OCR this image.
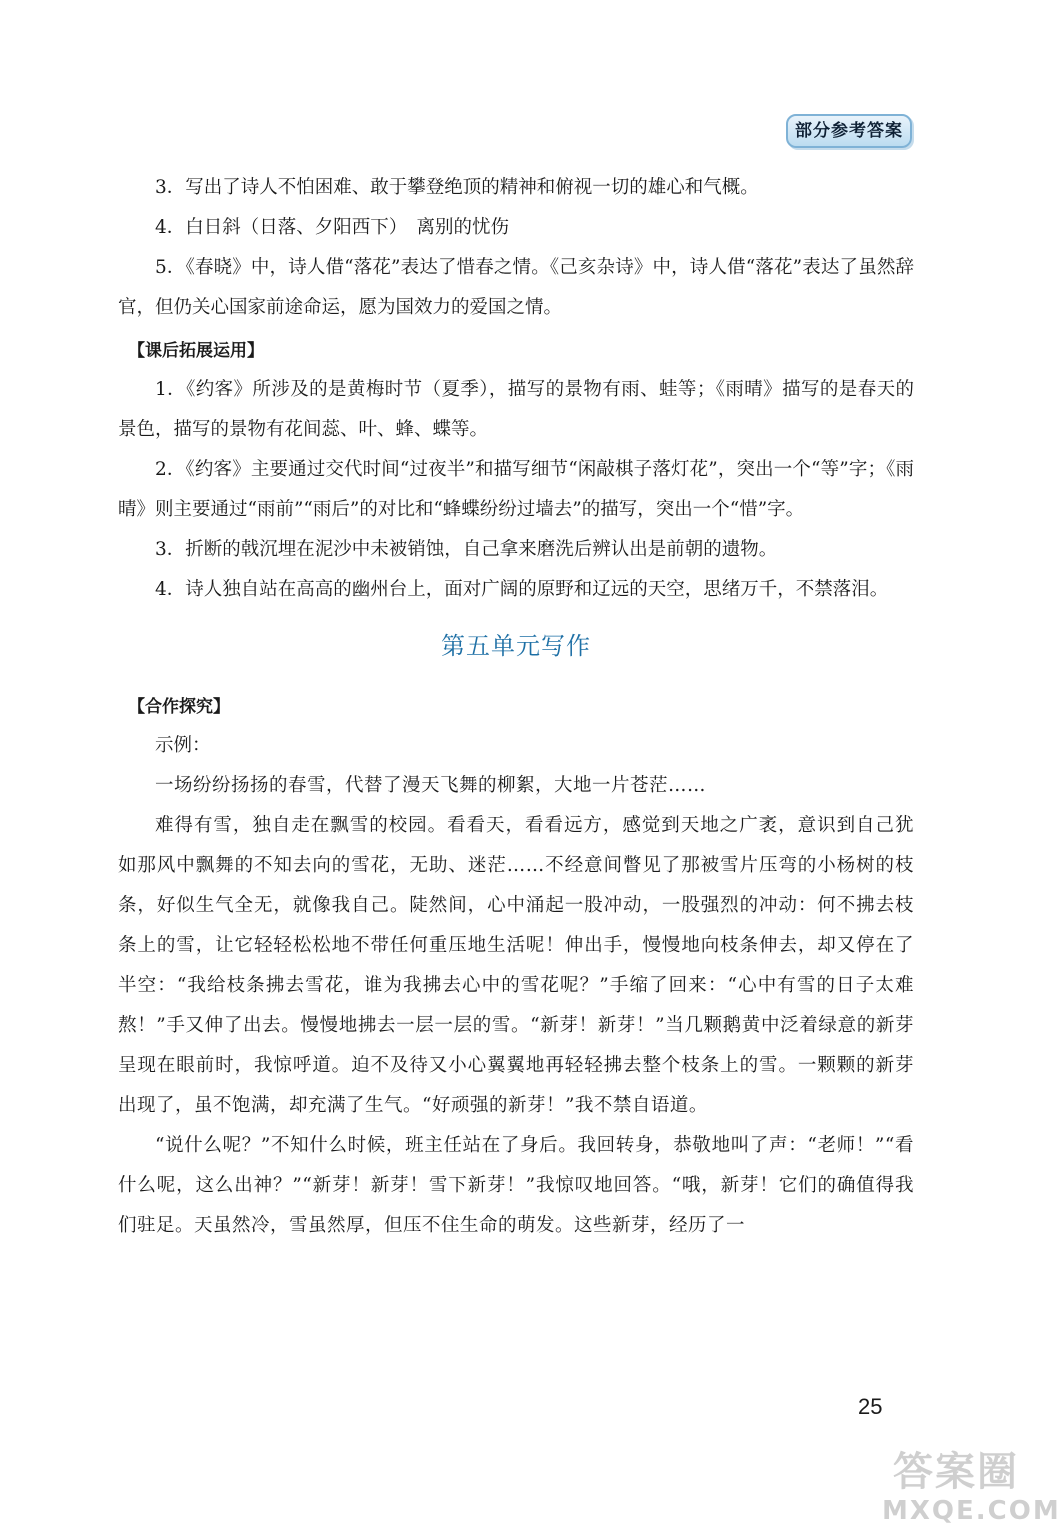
部分参考答案

3．写出了诗人不怕困难、敢于攀登绝顶的精神和俯视一切的雄心和气概。

4．白日斜（日落、夕阳西下）　离别的忧伤

5．《春晓》中，诗人借“落花”表达了惜春之情。《己亥杂诗》中，诗人借“落花”表达了虽然辞官，但仍关心国家前途命运，愿为国效力的爱国之情。

【课后拓展运用】

1．《约客》所涉及的是黄梅时节（夏季），描写的景物有雨、蛙等；《雨晴》描写的是春天的景色，描写的景物有花间蕊、叶、蜂、蝶等。

2．《约客》主要通过交代时间“过夜半”和描写细节“闲敲棋子落灯花”，突出一个“等”字；《雨晴》则主要通过“雨前”“雨后”的对比和“蜂蝶纷纷过墙去”的描写，突出一个“惜”字。

3．折断的戟沉埋在泥沙中未被销蚀，自己拿来磨洗后辨认出是前朝的遗物。

4．诗人独自站在高高的幽州台上，面对广阔的原野和辽远的天空，思绪万千，不禁落泪。

第五单元写作
【合作探究】

示例：

一场纷纷扬扬的春雪，代替了漫天飞舞的柳絮，大地一片苍茫……

难得有雪，独自走在飘雪的校园。看看天，看看远方，感觉到天地之广袤，意识到自己犹如那风中飘舞的不知去向的雪花，无助、迷茫……不经意间瞥见了那被雪片压弯的小杨树的枝条，好似生气全无，就像我自己。陡然间，心中涌起一股冲动，一股强烈的冲动：何不拂去枝条上的雪，让它轻轻松松地不带任何重压地生活呢！伸出手，慢慢地向枝条伸去，却又停在了半空：“我给枝条拂去雪花，谁为我拂去心中的雪花呢？”手缩了回来：“心中有雪的日子太难熬！”手又伸了出去。慢慢地拂去一层一层的雪。“新芽！新芽！”当几颗鹅黄中泛着绿意的新芽呈现在眼前时，我惊呼道。迫不及待又小心翼翼地再轻轻拂去整个枝条上的雪。一颗颗的新芽出现了，虽不饱满，却充满了生气。“好顽强的新芽！”我不禁自语道。

“说什么呢？”不知什么时候，班主任站在了身后。我回转身，恭敬地叫了声：“老师！”“看什么呢，这么出神？”“新芽！新芽！雪下新芽！”我惊叹地回答。“哦，新芽！它们的确值得我们驻足。天虽然冷，雪虽然厚，但压不住生命的萌发。这些新芽，经历了一

25
答案圈
MXQE.COM
